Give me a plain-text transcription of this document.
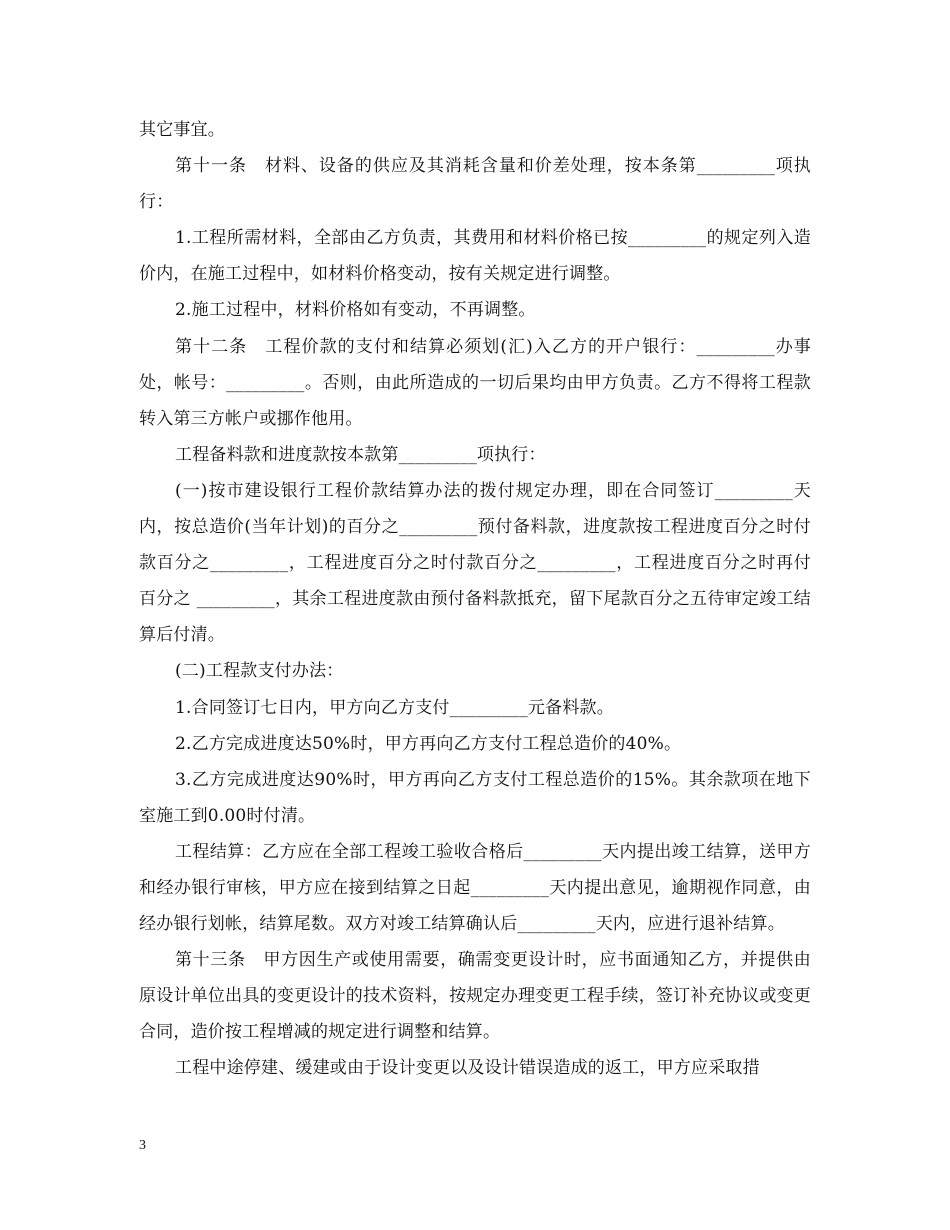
其它事宜。

第十一条　材料、设备的供应及其消耗含量和价差处理，按本条第_________项执行：

1.工程所需材料，全部由乙方负责，其费用和材料价格已按_________的规定列入造价内，在施工过程中，如材料价格变动，按有关规定进行调整。

2.施工过程中，材料价格如有变动，不再调整。

第十二条　工程价款的支付和结算必须划(汇)入乙方的开户银行：_________办事处，帐号：_________。否则，由此所造成的一切后果均由甲方负责。乙方不得将工程款转入第三方帐户或挪作他用。

工程备料款和进度款按本款第_________项执行：

(一)按市建设银行工程价款结算办法的拨付规定办理，即在合同签订_________天内，按总造价(当年计划)的百分之_________预付备料款，进度款按工程进度百分之时付款百分之_________，工程进度百分之时付款百分之_________，工程进度百分之时再付百分之 _________，其余工程进度款由预付备料款抵充，留下尾款百分之五待审定竣工结算后付清。

(二)工程款支付办法：

1.合同签订七日内，甲方向乙方支付_________元备料款。

2.乙方完成进度达50%时，甲方再向乙方支付工程总造价的40%。

3.乙方完成进度达90%时，甲方再向乙方支付工程总造价的15%。其余款项在地下室施工到0.00时付清。

工程结算：乙方应在全部工程竣工验收合格后_________天内提出竣工结算，送甲方和经办银行审核，甲方应在接到结算之日起_________天内提出意见，逾期视作同意，由经办银行划帐，结算尾数。双方对竣工结算确认后_________天内，应进行退补结算。

第十三条　甲方因生产或使用需要，确需变更设计时，应书面通知乙方，并提供由原设计单位出具的变更设计的技术资料，按规定办理变更工程手续，签订补充协议或变更合同，造价按工程增减的规定进行调整和结算。

工程中途停建、缓建或由于设计变更以及设计错误造成的返工，甲方应采取措

3
